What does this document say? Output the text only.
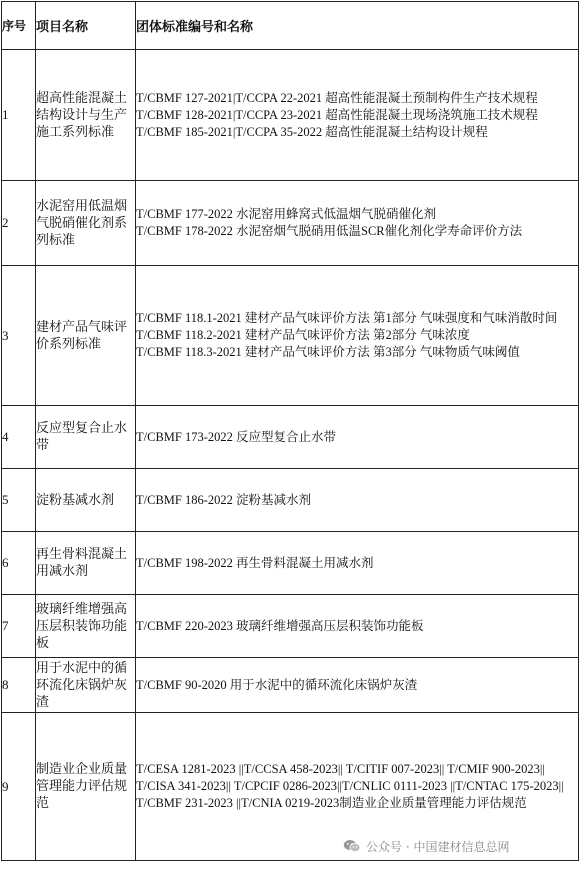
序号	项目名称	团体标准编号和名称
1	超高性能混凝土结构设计与生产施工系列标准	T/CBMF 127-2021|T/CCPA 22-2021 超高性能混凝土预制构件生产技术规程
T/CBMF 128-2021|T/CCPA 23-2021 超高性能混凝土现场浇筑施工技术规程
T/CBMF 185-2021|T/CCPA 35-2022 超高性能混凝土结构设计规程

2	水泥窑用低温烟气脱硝催化剂系列标准	T/CBMF 177-2022 水泥窑用蜂窝式低温烟气脱硝催化剂
T/CBMF 178-2022 水泥窑烟气脱硝用低温SCR催化剂化学寿命评价方法

3	建材产品气味评价系列标准	T/CBMF 118.1-2021 建材产品气味评价方法 第1部分 气味强度和气味消散时间
T/CBMF 118.2-2021 建材产品气味评价方法 第2部分 气味浓度
T/CBMF 118.3-2021 建材产品气味评价方法 第3部分 气味物质气味阈值

4	反应型复合止水带	T/CBMF 173-2022 反应型复合止水带

5	淀粉基减水剂	T/CBMF 186-2022 淀粉基减水剂

6	再生骨料混凝土用减水剂	T/CBMF 198-2022 再生骨料混凝土用减水剂

7	玻璃纤维增强高压层积装饰功能板	T/CBMF 220-2023 玻璃纤维增强高压层积装饰功能板

8	用于水泥中的循环流化床锅炉灰渣	T/CBMF 90-2020 用于水泥中的循环流化床锅炉灰渣

9	制造业企业质量管理能力评估规范	T/CESA 1281-2023 ||T/CCSA 458-2023|| T/CITIF 007-2023|| T/CMIF 900-2023|| T/CISA 341-2023|| T/CPCIF 0286-2023||T/CNLIC 0111-2023 ||T/CNTAC 175-2023|| T/CBMF 231-2023 ||T/CNIA 0219-2023制造业企业质量管理能力评估规范
公众号 · 中国建材信息总网
